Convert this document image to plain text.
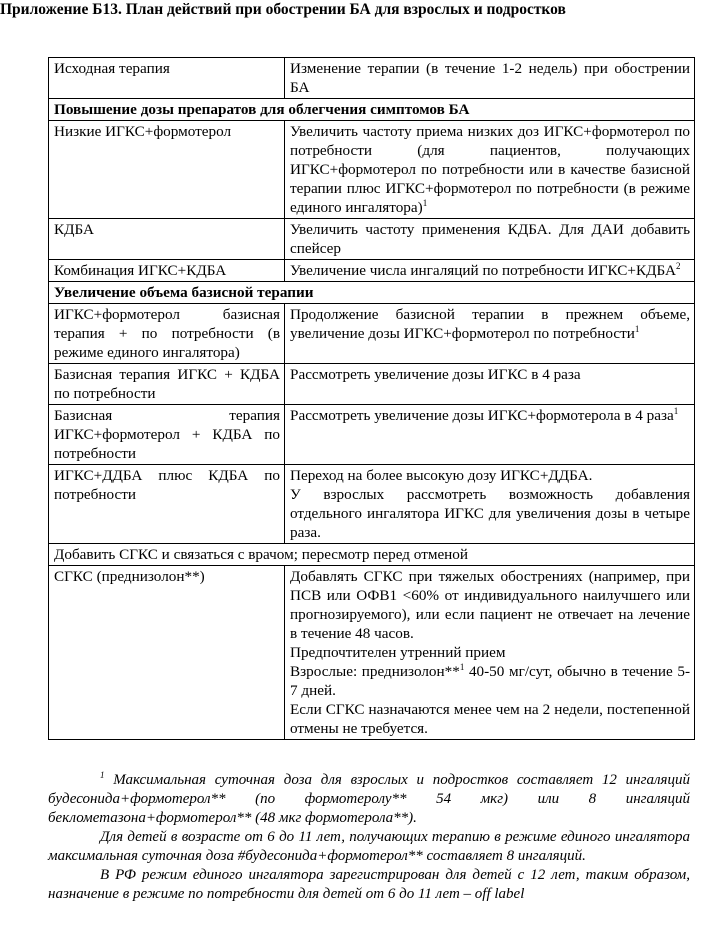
Приложение Б13. План действий при обострении БА для взрослых и подростков
Исходная терапия	Изменение терапии (в течение 1-2 недель) при обострении БА
Повышение дозы препаратов для облегчения симптомов БА	
Низкие ИГКС+формотерол	Увеличить частоту приема низких доз ИГКС+формотерол по потребности (для пациентов, получающих ИГКС+формотерол по потребности или в качестве базисной терапии плюс ИГКС+формотерол по потребности (в режиме единого ингалятора)$^1$
КДБА	Увеличить частоту применения КДБА. Для ДАИ добавить спейсер
Комбинация ИГКС+КДБА	Увеличение числа ингаляций по потребности $ИГКС+КДБА^2$
Увеличение объема базисной терапии	
ИГКС+формотерол базисная терапия + по потребности (в режиме единого ингалятора)	Продолжение базисной терапии в прежнем объеме, увеличение дозы ИГКС+формотерол по потребности$^1$
Базисная терапия ИГКС + КДБА по потребности	Рассмотреть увеличение дозы ИГКС в 4 раза
Базисная терапия ИГКС+формотерол + КДБА по потребности	Рассмотреть увеличение дозы ИГКС+формотерола в 4 раза$^1$
ИГКС+ДДБА плюс КДБА по потребности	Переход на более высокую дозу ИГКС+ДДБА.
У взрослых рассмотреть возможность добавления отдельного ингалятора ИГКС для увеличения дозы в четыре раза.

Добавить СГКС и связаться с врачом; пересмотр перед отменой	
СГКС (преднизолон**)	Добавлять СГКС при тяжелых обострениях (например, при ПСВ или ОФВ1 <60% от индивидуального наилучшего или прогнозируемого), или если пациент не отвечает на лечение в течение 48 часов.
Предпочтителен утренний прием
Взрослые: преднизолон**$^1$ 40-50 мг/сут, обычно в течение 5-7 дней.
Если СГКС назначаются менее чем на 2 недели, постепенной отмены не требуется.

$^1$ Максимальная суточная доза для взрослых и подростков составляет 12 ингаляций будесонида+формотерол** (по формотеролу** 54 мкг) или 8 ингаляций беклометазона+формотерол** (48 мкг формотерола**).

Для детей в возрасте от 6 до 11 лет, получающих терапию в режиме единого ингалятора максимальная суточная доза #будесонида+формотерол** составляет 8 ингаляций.

В РФ режим единого ингалятора зарегистрирован для детей с 12 лет, таким образом, назначение в режиме по потребности для детей от 6 до 11 лет – off label
